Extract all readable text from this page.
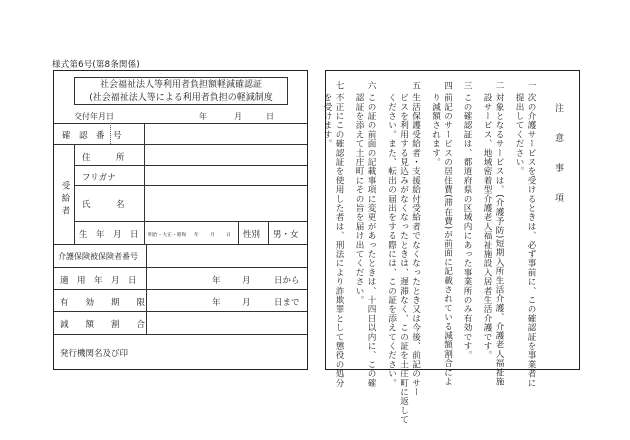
様式第6号(第8条関係)
社会福祉法人等利用者負担額軽減確認証
(社会福祉法人等による利用者負担の軽減制度
交付年月日	年	月	日
確　認　番　号
受給者
住　　　所
フリガナ
氏　　　名
生　年　月　日 明治・大正・昭和 年 月 日 性別 男・女
介護保険被保険者番号
適　用　年　月　日	年	月	日から
有　　効　　期　　限	年	月	日まで
減　　額　　割　　合
発行機関名及び印
注　意　事　項
一
次の介護サービスを受けるときは、必ず事前に、この確認証を事業者に
提出してください。
二
対象となるサービスは、(介護予防)短期入所生活介護、介護老人福祉施
設サービス、地域密着型介護老人福祉施設入居者生活介護です。
三
この確認証は、都道府県の区域内にあった事業所のみ有効です。
四
前記のサービスの居住費(滞在費)が前面に記載されている減額割合によ
り減額されます。
五
生活保護受給者・支援給付受給者でなくなったとき又は今後、前記のサー
ビスを利用する見込みがなくなったときは、遅滞なく、この証を土庄町に返して
ください。また、転出の届出をする際には、この証を添えてください。
六
この証の前面の記載事項に変更があったときは、十四日以内に、この確
認証を添えて土庄町にその旨を届け出てください。
七
不正にこの確認証を使用した者は、刑法により詐欺罪として懲役の処分
を受けます。
